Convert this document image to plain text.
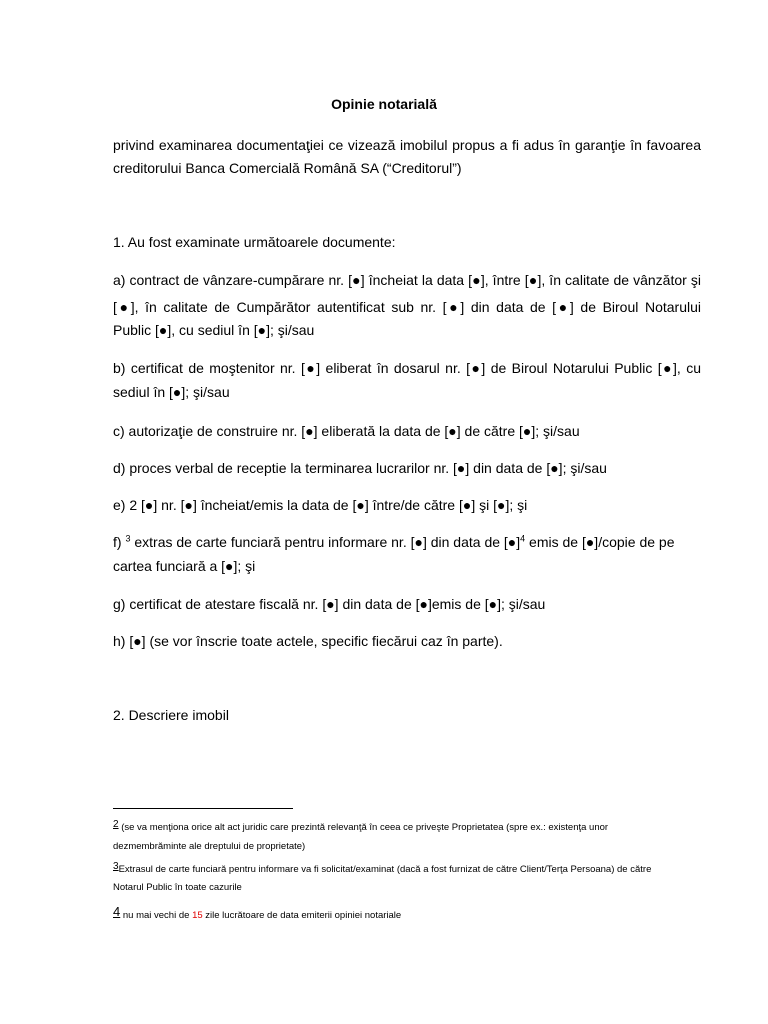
Opinie notarială
privind examinarea documentaţiei ce vizează imobilul propus a fi adus în garanţie în favoarea
creditorului Banca Comercială Română SA (“Creditorul”)
1. Au fost examinate următoarele documente:
a) contract de vânzare-cumpărare nr. [●] încheiat la data [●], între [●], în calitate de vânzător şi
[●], în calitate de Cumpărător autentificat sub nr. [●] din data de [●] de Biroul Notarului
Public [●], cu sediul în [●]; şi/sau
b) certificat de moştenitor nr. [●] eliberat în dosarul nr. [●] de Biroul Notarului Public [●], cu
sediul în [●]; şi/sau
c) autorizaţie de construire nr. [●] eliberată la data de [●] de către [●]; şi/sau
d) proces verbal de receptie la terminarea lucrarilor nr. [●] din data de [●]; şi/sau
e) 2 [●] nr. [●] încheiat/emis la data de [●] între/de către [●] şi [●]; şi
f) $^3$ extras de carte funciară pentru informare nr. [●] din data de [●]$^4$ emis de [●]/copie de pe
cartea funciară a [●]; şi
g) certificat de atestare fiscală nr. [●] din data de [●]emis de [●]; şi/sau
h) [●] (se vor înscrie toate actele, specific fiecărui caz în parte).
2. Descriere imobil
2 (se va menţiona orice alt act juridic care prezintă relevanţă în ceea ce priveşte Proprietatea (spre ex.: existenţa unor
dezmembrăminte ale dreptului de proprietate)
3Extrasul de carte funciară pentru informare va fi solicitat/examinat (dacă a fost furnizat de către Client/Terţa Persoana) de către
Notarul Public în toate cazurile
4 nu mai vechi de 15 zile lucrătoare de data emiterii opiniei notariale
